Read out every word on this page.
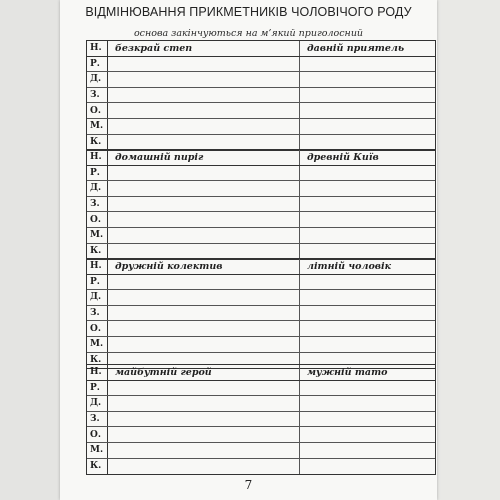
ВІДМІНЮВАННЯ ПРИКМЕТНИКІВ ЧОЛОВІЧОГО РОДУ
основа закінчуються на м’який приголосний
Н.	безкрай степ	давній приятель
Р.
Д.
З.
О.
М.
К.
Н.	домашній пиріг	древній Київ
Р.
Д.
З.
О.
М.
К.
Н.	дружній колектив	літній чоловік
Р.
Д.
З.
О.
М.
К.
Н.	майбутній герой	мужній тато
Р.
Д.
З.
О.
М.
К.
7
